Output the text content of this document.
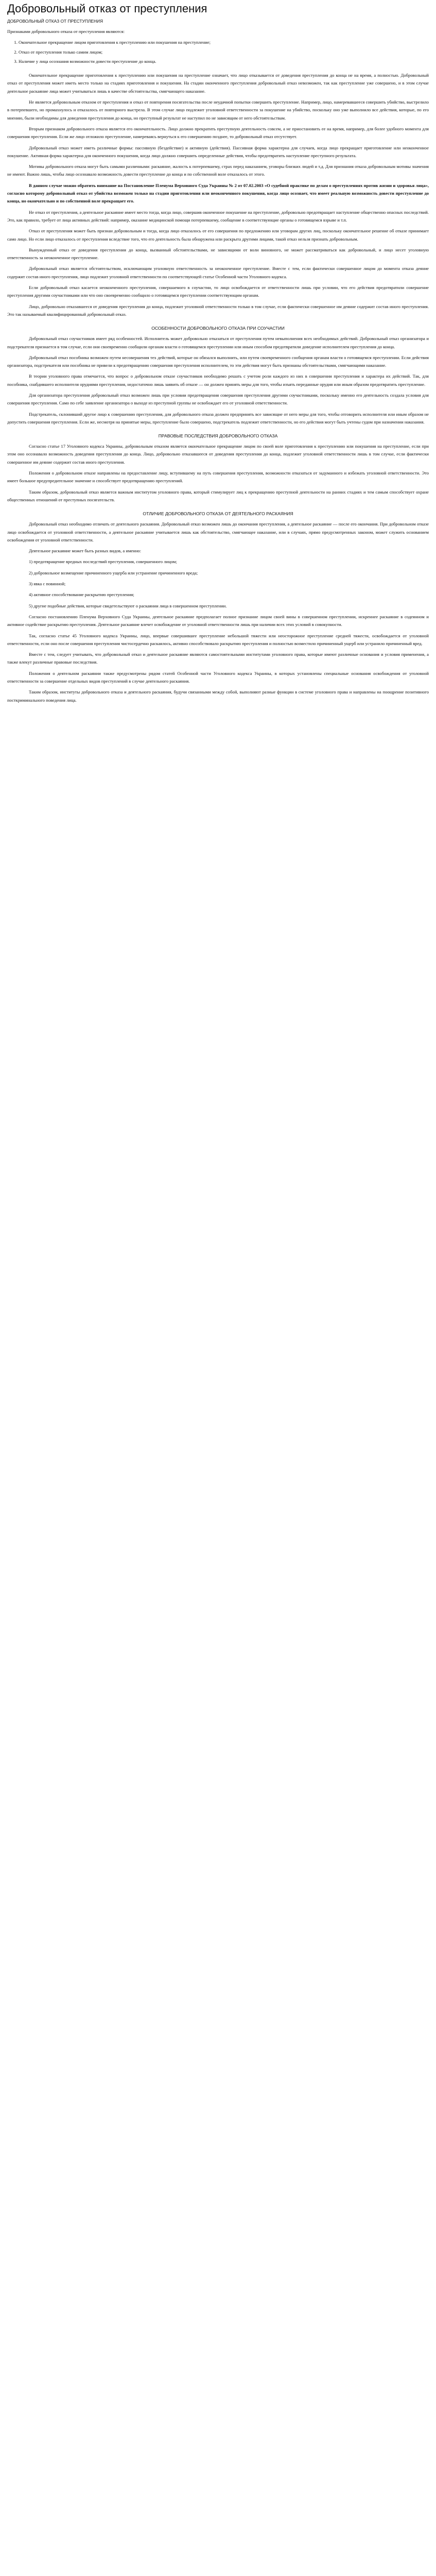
Добровольный отказ от преступления
ДОБРОВОЛЬНЫЙ ОТКАЗ ОТ ПРЕСТУПЛЕНИЯ

Признаками добровольного отказа от преступления являются:

1. Окончательное прекращение лицом приготовления к преступлению или покушения на преступление;
2. Отказ от преступления только самим лицом;
3. Наличие у лица осознания возможности довести преступление до конца.

Окончательное прекращение приготовления к преступлению или покушения на преступление означает, что лицо отказывается от доведения преступления до конца не на время, а полностью. Добровольный отказ от преступления может иметь место только на стадиях приготовления и покушения. На стадии оконченного преступления добровольный отказ невозможен, так как преступление уже совершено, и в этом случае деятельное раскаяние лица может учитываться лишь в качестве обстоятельства, смягчающего наказание.

Не является добровольным отказом от преступления и отказ от повторения посягательства после неудачной попытки совершить преступление. Например, лицо, намеревавшееся совершить убийство, выстрелило в потерпевшего, но промахнулось и отказалось от повторного выстрела. В этом случае лицо подлежит уголовной ответственности за покушение на убийство, поскольку оно уже выполнило все действия, которые, по его мнению, были необходимы для доведения преступления до конца, но преступный результат не наступил по не зависящим от него обстоятельствам.

Вторым признаком добровольного отказа является его окончательность. Лицо должно прекратить преступную деятельность совсем, а не приостановить ее на время, например, для более удобного момента для совершения преступления. Если же лицо отложило преступление, намереваясь вернуться к его совершению позднее, то добровольный отказ отсутствует.

Добровольный отказ может иметь различные формы: пассивную (бездействие) и активную (действия). Пассивная форма характерна для случаев, когда лицо прекращает приготовление или неоконченное покушение. Активная форма характерна для оконченного покушения, когда лицо должно совершить определенные действия, чтобы предотвратить наступление преступного результата.

Мотивы добровольного отказа могут быть самыми различными: раскаяние, жалость к потерпевшему, страх перед наказанием, уговоры близких людей и т.д. Для признания отказа добровольным мотивы значения не имеют. Важно лишь, чтобы лицо осознавало возможность довести преступление до конца и по собственной воле отказалось от этого.

В данном случае можно обратить внимание на Постановление Пленума Верховного Суда Украины № 2 от 07.02.2003 «О судебной практике по делам о преступлениях против жизни и здоровья лица», согласно которому добровольный отказ от убийства возможен только на стадии приготовления или неоконченного покушения, когда лицо осознает, что имеет реальную возможность довести преступление до конца, но окончательно и по собственной воле прекращает его.

Не отказ от преступления, а деятельное раскаяние имеет место тогда, когда лицо, совершив оконченное покушение на преступление, добровольно предотвращает наступление общественно опасных последствий. Это, как правило, требует от лица активных действий: например, оказание медицинской помощи потерпевшему, сообщение в соответствующие органы о готовящемся взрыве и т.п.

Отказ от преступления может быть признан добровольным и тогда, когда лицо отказалось от его совершения по предложению или уговорам других лиц, поскольку окончательное решение об отказе принимает само лицо. Но если лицо отказалось от преступления вследствие того, что его деятельность была обнаружена или раскрыта другими лицами, такой отказ нельзя признать добровольным.

Вынужденный отказ от доведения преступления до конца, вызванный обстоятельствами, не зависящими от воли виновного, не может рассматриваться как добровольный, и лицо несет уголовную ответственность за неоконченное преступление.

Добровольный отказ является обстоятельством, исключающим уголовную ответственность за неоконченное преступление. Вместе с тем, если фактически совершенное лицом до момента отказа деяние содержит состав иного преступления, лицо подлежит уголовной ответственности по соответствующей статье Особенной части Уголовного кодекса.

Если добровольный отказ касается неоконченного преступления, совершаемого в соучастии, то лицо освобождается от ответственности лишь при условии, что его действия предотвратили совершение преступления другими соучастниками или что оно своевременно сообщило о готовящемся преступлении соответствующим органам.

Лицо, добровольно отказавшееся от доведения преступления до конца, подлежит уголовной ответственности только в том случае, если фактически совершенное им деяние содержит состав иного преступления. Это так называемый квалифицированный добровольный отказ.

ОСОБЕННОСТИ ДОБРОВОЛЬНОГО ОТКАЗА ПРИ СОУЧАСТИИ

Добровольный отказ соучастников имеет ряд особенностей. Исполнитель может добровольно отказаться от преступления путем невыполнения всех необходимых действий. Добровольный отказ организатора и подстрекателя признается в том случае, если они своевременно сообщили органам власти о готовящемся преступлении или иным способом предотвратили доведение исполнителем преступления до конца.

Добровольный отказ пособника возможен путем несовершения тех действий, которые он обязался выполнить, или путем своевременного сообщения органам власти о готовящемся преступлении. Если действия организатора, подстрекателя или пособника не привели к предотвращению совершения преступления исполнителем, то эти действия могут быть признаны обстоятельствами, смягчающими наказание.

В теории уголовного права отмечается, что вопрос о добровольном отказе соучастников необходимо решать с учетом роли каждого из них в совершении преступления и характера их действий. Так, для пособника, снабдившего исполнителя орудиями преступления, недостаточно лишь заявить об отказе — он должен принять меры для того, чтобы изъять переданные орудия или иным образом предотвратить преступление.

Для организатора преступления добровольный отказ возможен лишь при условии предотвращения совершения преступления другими соучастниками, поскольку именно его деятельность создала условия для совершения преступления. Само по себе заявление организатора о выходе из преступной группы не освобождает его от уголовной ответственности.

Подстрекатель, склонивший другое лицо к совершению преступления, для добровольного отказа должен предпринять все зависящие от него меры для того, чтобы отговорить исполнителя или иным образом не допустить совершения преступления. Если же, несмотря на принятые меры, преступление было совершено, подстрекатель подлежит ответственности, но его действия могут быть учтены судом при назначении наказания.

ПРАВОВЫЕ ПОСЛЕДСТВИЯ ДОБРОВОЛЬНОГО ОТКАЗА

Согласно статье 17 Уголовного кодекса Украины, добровольным отказом является окончательное прекращение лицом по своей воле приготовления к преступлению или покушения на преступление, если при этом оно осознавало возможность доведения преступления до конца. Лицо, добровольно отказавшееся от доведения преступления до конца, подлежит уголовной ответственности лишь в том случае, если фактически совершенное им деяние содержит состав иного преступления.

Положения о добровольном отказе направлены на предоставление лицу, вступившему на путь совершения преступления, возможности отказаться от задуманного и избежать уголовной ответственности. Это имеет большое предупредительное значение и способствует предотвращению преступлений.

Таким образом, добровольный отказ является важным институтом уголовного права, который стимулирует лиц к прекращению преступной деятельности на ранних стадиях и тем самым способствует охране общественных отношений от преступных посягательств.

ОТЛИЧИЕ ДОБРОВОЛЬНОГО ОТКАЗА ОТ ДЕЯТЕЛЬНОГО РАСКАЯНИЯ

Добровольный отказ необходимо отличать от деятельного раскаяния. Добровольный отказ возможен лишь до окончания преступления, а деятельное раскаяние — после его окончания. При добровольном отказе лицо освобождается от уголовной ответственности, а деятельное раскаяние учитывается лишь как обстоятельство, смягчающее наказание, или в случаях, прямо предусмотренных законом, может служить основанием освобождения от уголовной ответственности.

Деятельное раскаяние может быть разных видов, а именно:

1) предотвращение вредных последствий преступления, совершенного лицом;

2) добровольное возмещение причиненного ущерба или устранение причиненного вреда;

3) явка с повинной;

4) активное способствование раскрытию преступления;

5) другие подобные действия, которые свидетельствуют о раскаянии лица в совершенном преступлении.

Согласно постановлению Пленума Верховного Суда Украины, деятельное раскаяние предполагает полное признание лицом своей вины в совершенном преступлении, искреннее раскаяние в содеянном и активное содействие раскрытию преступления. Деятельное раскаяние влечет освобождение от уголовной ответственности лишь при наличии всех этих условий в совокупности.

Так, согласно статье 45 Уголовного кодекса Украины, лицо, впервые совершившее преступление небольшой тяжести или неосторожное преступление средней тяжести, освобождается от уголовной ответственности, если оно после совершения преступления чистосердечно раскаялось, активно способствовало раскрытию преступления и полностью возместило причиненный ущерб или устранило причиненный вред.

Вместе с тем, следует учитывать, что добровольный отказ и деятельное раскаяние являются самостоятельными институтами уголовного права, которые имеют различные основания и условия применения, а также влекут различные правовые последствия.

Положения о деятельном раскаянии также предусмотрены рядом статей Особенной части Уголовного кодекса Украины, в которых установлены специальные основания освобождения от уголовной ответственности за совершение отдельных видов преступлений в случае деятельного раскаяния.

Таким образом, институты добровольного отказа и деятельного раскаяния, будучи связанными между собой, выполняют разные функции в системе уголовного права и направлены на поощрение позитивного посткриминального поведения лица.
